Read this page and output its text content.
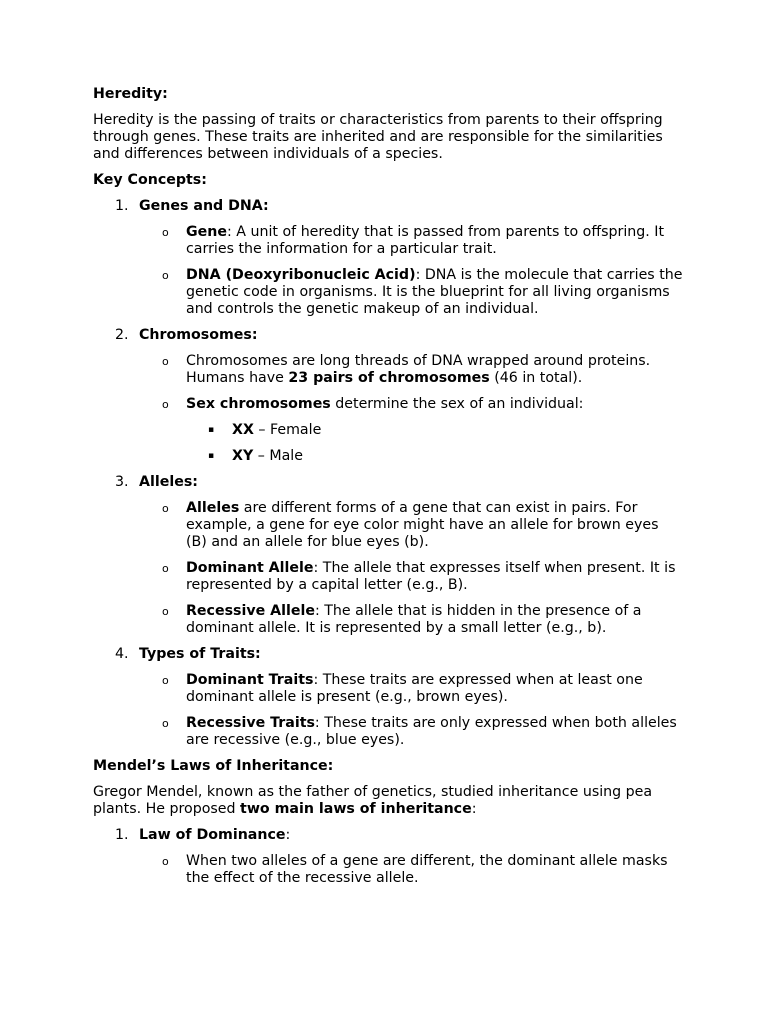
Heredity:

Heredity is the passing of traits or characteristics from parents to their offspring through genes. These traits are inherited and are responsible for the similarities and differences between individuals of a species.

Key Concepts:

1. Genes and DNA:
o Gene: A unit of heredity that is passed from parents to offspring. It carries the information for a particular trait.
o DNA (Deoxyribonucleic Acid): DNA is the molecule that carries the genetic code in organisms. It is the blueprint for all living organisms and controls the genetic makeup of an individual.
2. Chromosomes:
o Chromosomes are long threads of DNA wrapped around proteins. Humans have 23 pairs of chromosomes (46 in total).
o Sex chromosomes determine the sex of an individual:
▪ XX – Female
▪ XY – Male
3. Alleles:
o Alleles are different forms of a gene that can exist in pairs. For example, a gene for eye color might have an allele for brown eyes (B) and an allele for blue eyes (b).
o Dominant Allele: The allele that expresses itself when present. It is represented by a capital letter (e.g., B).
o Recessive Allele: The allele that is hidden in the presence of a dominant allele. It is represented by a small letter (e.g., b).
4. Types of Traits:
o Dominant Traits: These traits are expressed when at least one dominant allele is present (e.g., brown eyes).
o Recessive Traits: These traits are only expressed when both alleles are recessive (e.g., blue eyes).

Mendel’s Laws of Inheritance:

Gregor Mendel, known as the father of genetics, studied inheritance using pea plants. He proposed two main laws of inheritance:

1. Law of Dominance:
o When two alleles of a gene are different, the dominant allele masks the effect of the recessive allele.
